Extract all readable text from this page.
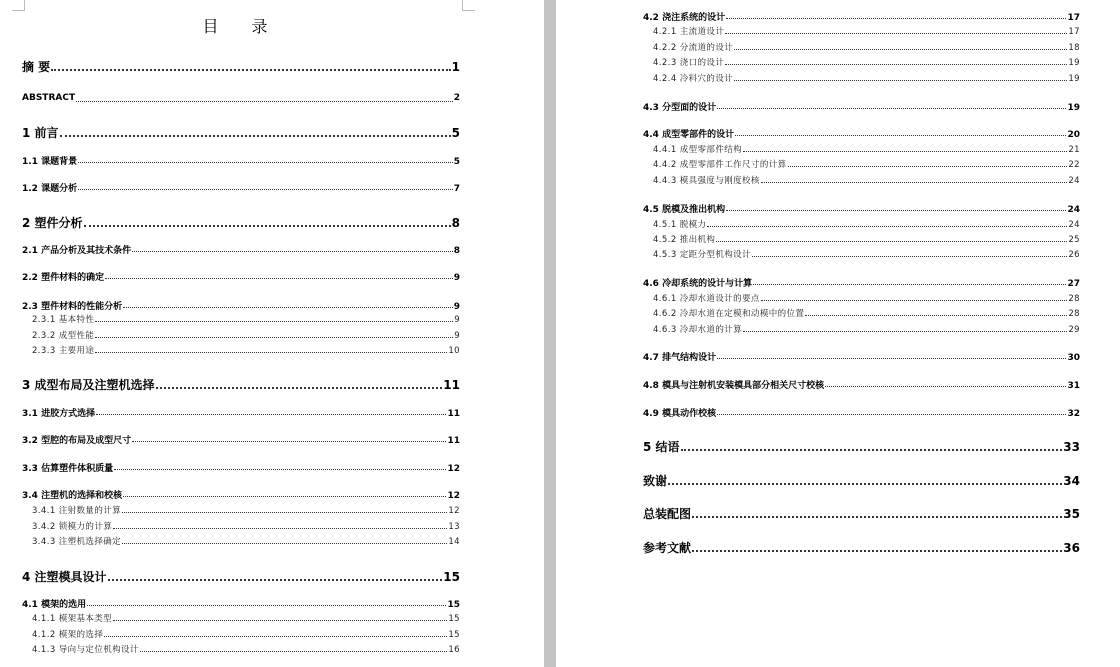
目 录
摘 要	1
ABSTRACT	2
1 前言	5
1.1 课题背景	5
1.2 课题分析	7
2 塑件分析	8
2.1 产品分析及其技术条件	8
2.2 塑件材料的确定	9
2.3 塑件材料的性能分析	9
2.3.1 基本特性	9
2.3.2 成型性能	9
2.3.3 主要用途	10
3 成型布局及注塑机选择	11
3.1 进胶方式选择	11
3.2 型腔的布局及成型尺寸	11
3.3 估算塑件体积质量	12
3.4 注塑机的选择和校核	12
3.4.1 注射数量的计算	12
3.4.2 锁模力的计算	13
3.4.3 注塑机选择确定	14
4 注塑模具设计	15
4.1 模架的选用	15
4.1.1 模架基本类型	15
4.1.2 模架的选择	15
4.1.3 导向与定位机构设计	16
4.2 浇注系统的设计	17
4.2.1 主流道设计	17
4.2.2 分流道的设计	18
4.2.3 浇口的设计	19
4.2.4 冷料穴的设计	19
4.3 分型面的设计	19
4.4 成型零部件的设计	20
4.4.1 成型零部件结构	21
4.4.2 成型零部件工作尺寸的计算	22
4.4.3 模具强度与刚度校核	24
4.5 脱模及推出机构	24
4.5.1 脱模力	24
4.5.2 推出机构	25
4.5.3 定距分型机构设计	26
4.6 冷却系统的设计与计算	27
4.6.1 冷却水道设计的要点	28
4.6.2 冷却水道在定模和动模中的位置	28
4.6.3 冷却水道的计算	29
4.7 排气结构设计	30
4.8 模具与注射机安装模具部分相关尺寸校核	31
4.9 模具动作校核	32
5 结语	33
致谢	34
总装配图	35
参考文献	36
